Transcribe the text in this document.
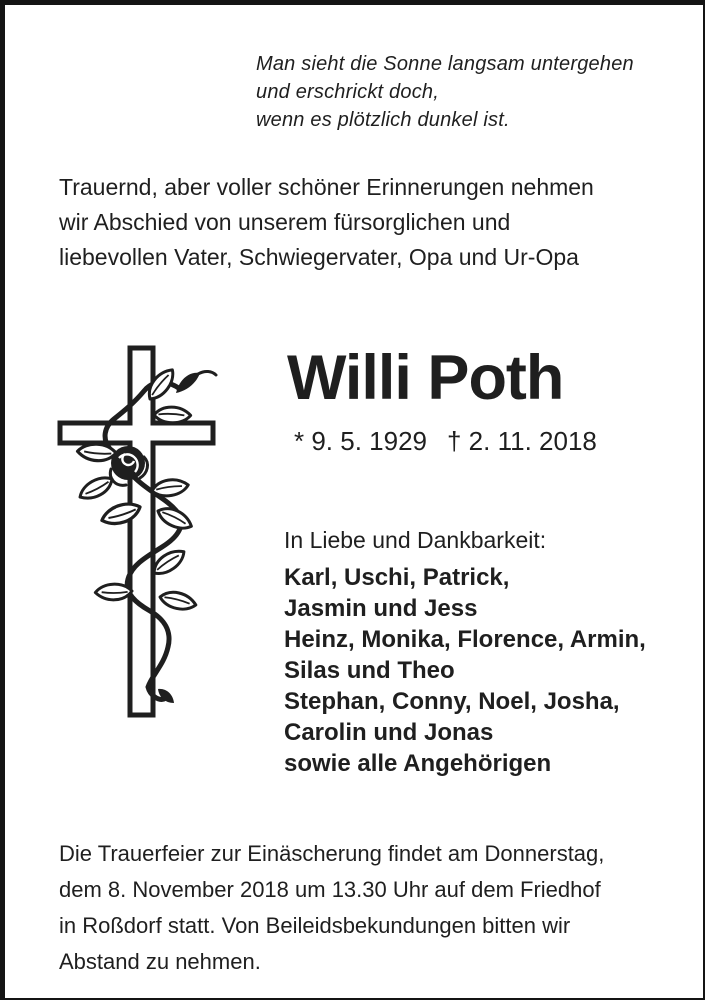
Man sieht die Sonne langsam untergehen
und erschrickt doch,
wenn es plötzlich dunkel ist.
Trauernd, aber voller schöner Erinnerungen nehmen
wir Abschied von unserem fürsorglichen und
liebevollen Vater, Schwiegervater, Opa und Ur-Opa
Willi Poth
* 9. 5. 1929 † 2. 11. 2018
In Liebe und Dankbarkeit:
Karl, Uschi, Patrick,
Jasmin und Jess
Heinz, Monika, Florence, Armin,
Silas und Theo
Stephan, Conny, Noel, Josha,
Carolin und Jonas
sowie alle Angehörigen
Die Trauerfeier zur Einäscherung findet am Donnerstag,
dem 8. November 2018 um 13.30 Uhr auf dem Friedhof
in Roßdorf statt. Von Beileidsbekundungen bitten wir
Abstand zu nehmen.
